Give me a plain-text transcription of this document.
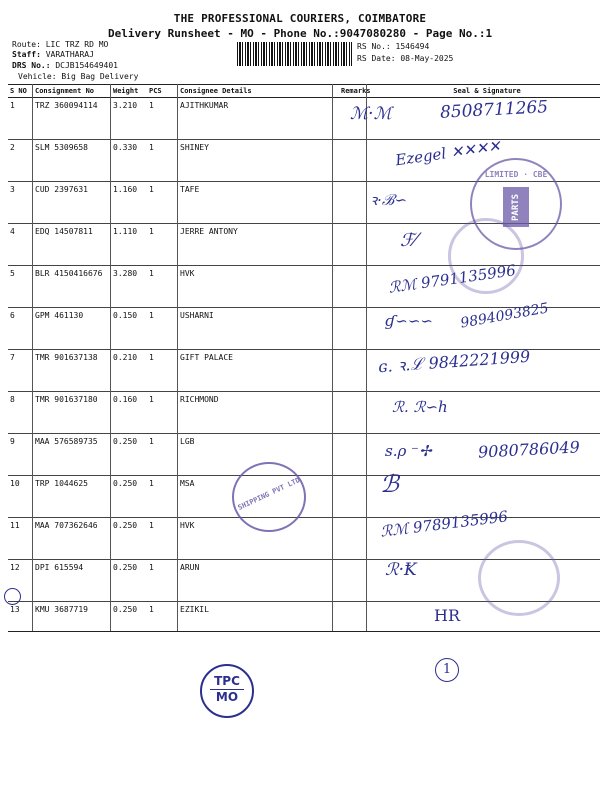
THE PROFESSIONAL COURIERS, COIMBATORE
Delivery Runsheet - MO - Phone No.:9047080280 - Page No.:1
Route: LIC TRZ RD MO
Staff: VARATHARAJ
DRS No.: DCJB154649401
Vehicle: Big Bag Delivery
RS No.: 1546494
RS Date: 08-May-2025
S NO	Consignment No	Weight	PCS	Consignee Details	Remarks	Seal & Signature
1	TRZ 360094114	3.210	1	AJITHKUMAR		
2	SLM 5309658	0.330	1	SHINEY		
3	CUD 2397631	1.160	1	TAFE		
4	EDQ 14507811	1.110	1	JERRE ANTONY		
5	BLR 4150416676	3.280	1	HVK		
6	GPM 461130	0.150	1	USHARNI		
7	TMR 901637138	0.210	1	GIFT PALACE		
8	TMR 901637180	0.160	1	RICHMOND		
9	MAA 576589735	0.250	1	LGB		
10	TRP 1044625	0.250	1	MSA		
11	MAA 707362646	0.250	1	HVK		
12	DPI 615594	0.250	1	ARUN		
13	KMU 3687719	0.250	1	EZIKIL		
ℳ·ℳ	8508711265
Ezegel ✕✕✕✕
ꝛ·ℬ∽
ℱ⁄
ℛℳ 9791135996
ɠ∽∽∽ 9894093825
ɢ. ꝛ.ℒ 9842221999
ℛ. ℛ∽ℎ
ꜱ.ρ ⁻✢	9080786049
ℬ
ℛℳ 9789135996
ℛ·Ꝁ
HR
1
LIMITED · CBE
PARTS
SHIPPING PVT LTD
TPC
MO
